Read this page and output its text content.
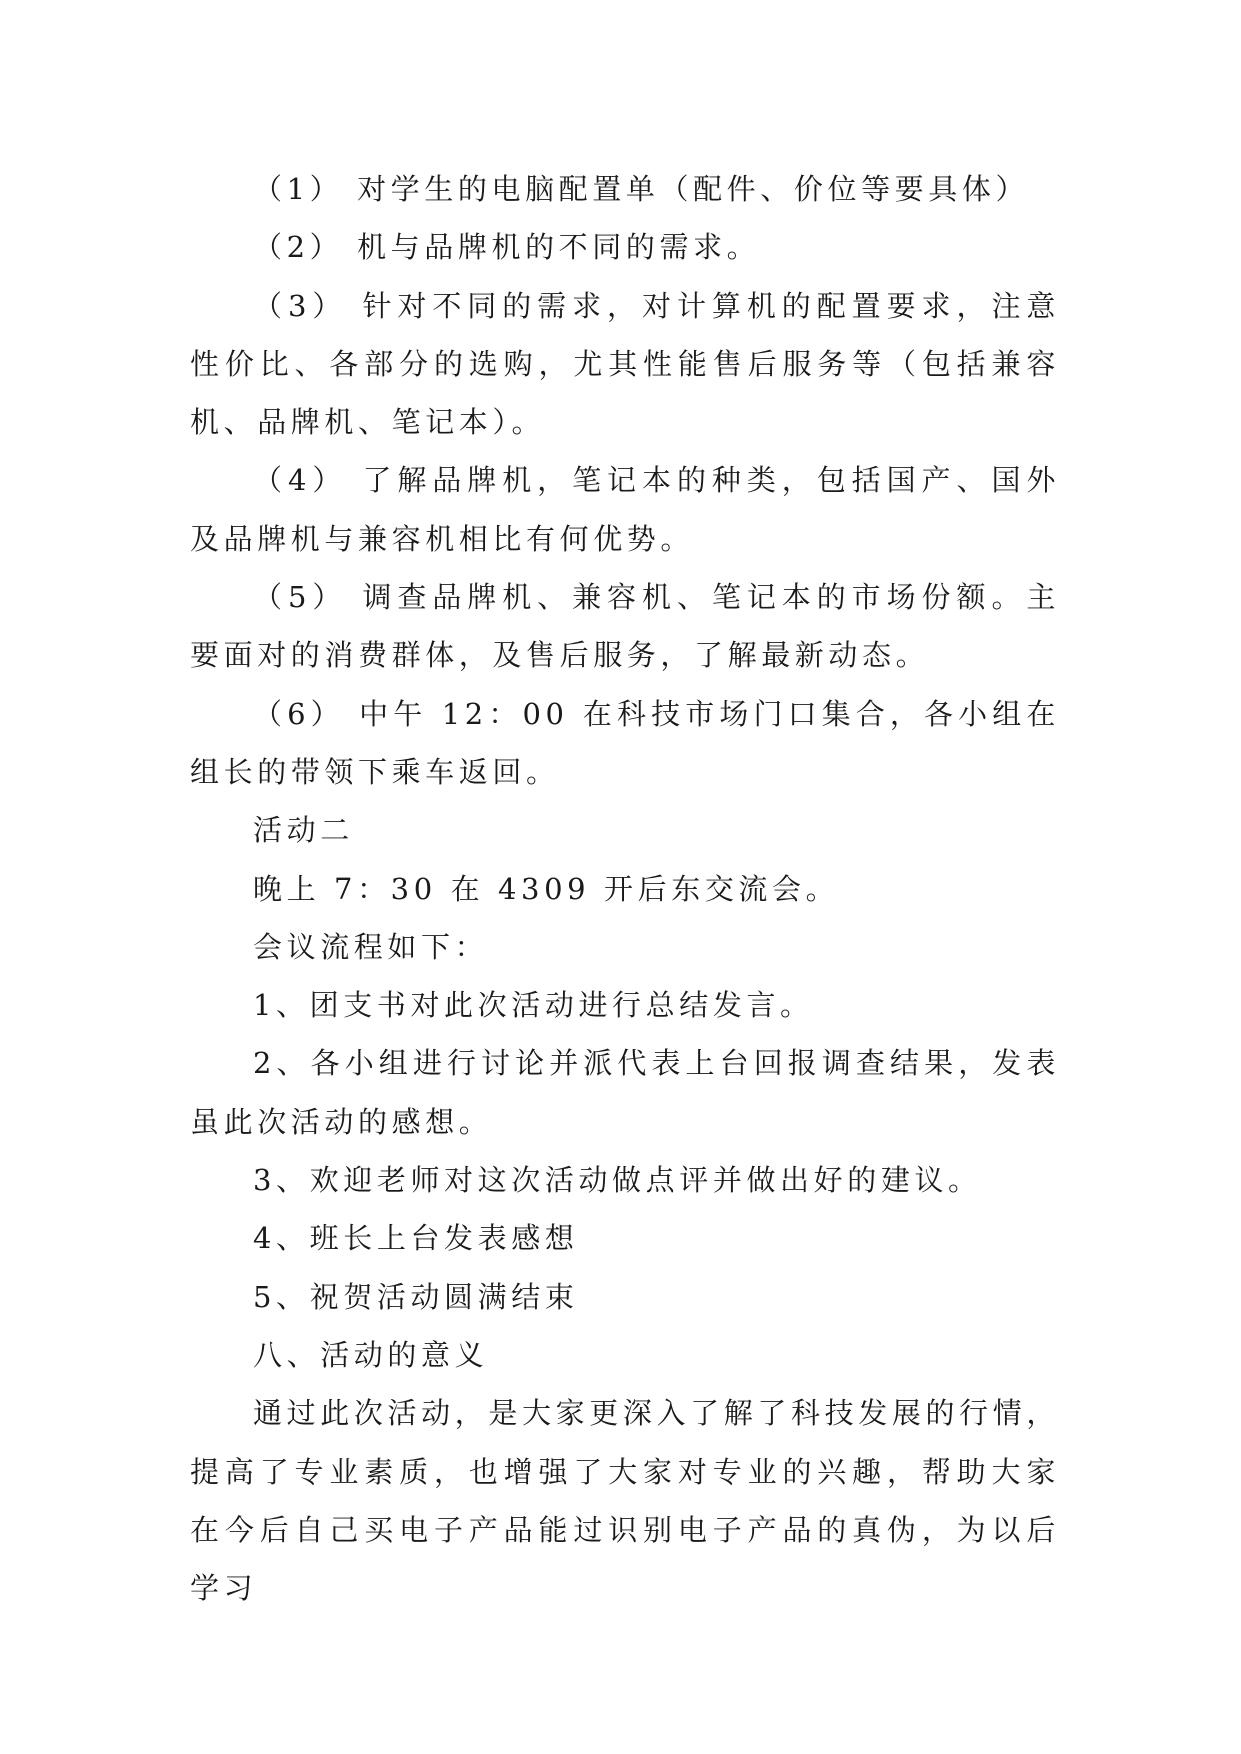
（1） 对学生的电脑配置单（配件、价位等要具体）

（2） 机与品牌机的不同的需求。

（3） 针对不同的需求，对计算机的配置要求，注意性价比、各部分的选购，尤其性能售后服务等（包括兼容机、品牌机、笔记本）。

（4） 了解品牌机，笔记本的种类，包括国产、国外及品牌机与兼容机相比有何优势。

（5） 调查品牌机、兼容机、笔记本的市场份额。主要面对的消费群体，及售后服务，了解最新动态。

（6） 中午 12：00 在科技市场门口集合，各小组在组长的带领下乘车返回。

活动二

晚上 7：30 在 4309 开后东交流会。

会议流程如下：

1、团支书对此次活动进行总结发言。

2、各小组进行讨论并派代表上台回报调查结果，发表虽此次活动的感想。

3、欢迎老师对这次活动做点评并做出好的建议。

4、班长上台发表感想

5、祝贺活动圆满结束

八、活动的意义

通过此次活动，是大家更深入了解了科技发展的行情，提高了专业素质，也增强了大家对专业的兴趣，帮助大家在今后自己买电子产品能过识别电子产品的真伪，为以后学习
